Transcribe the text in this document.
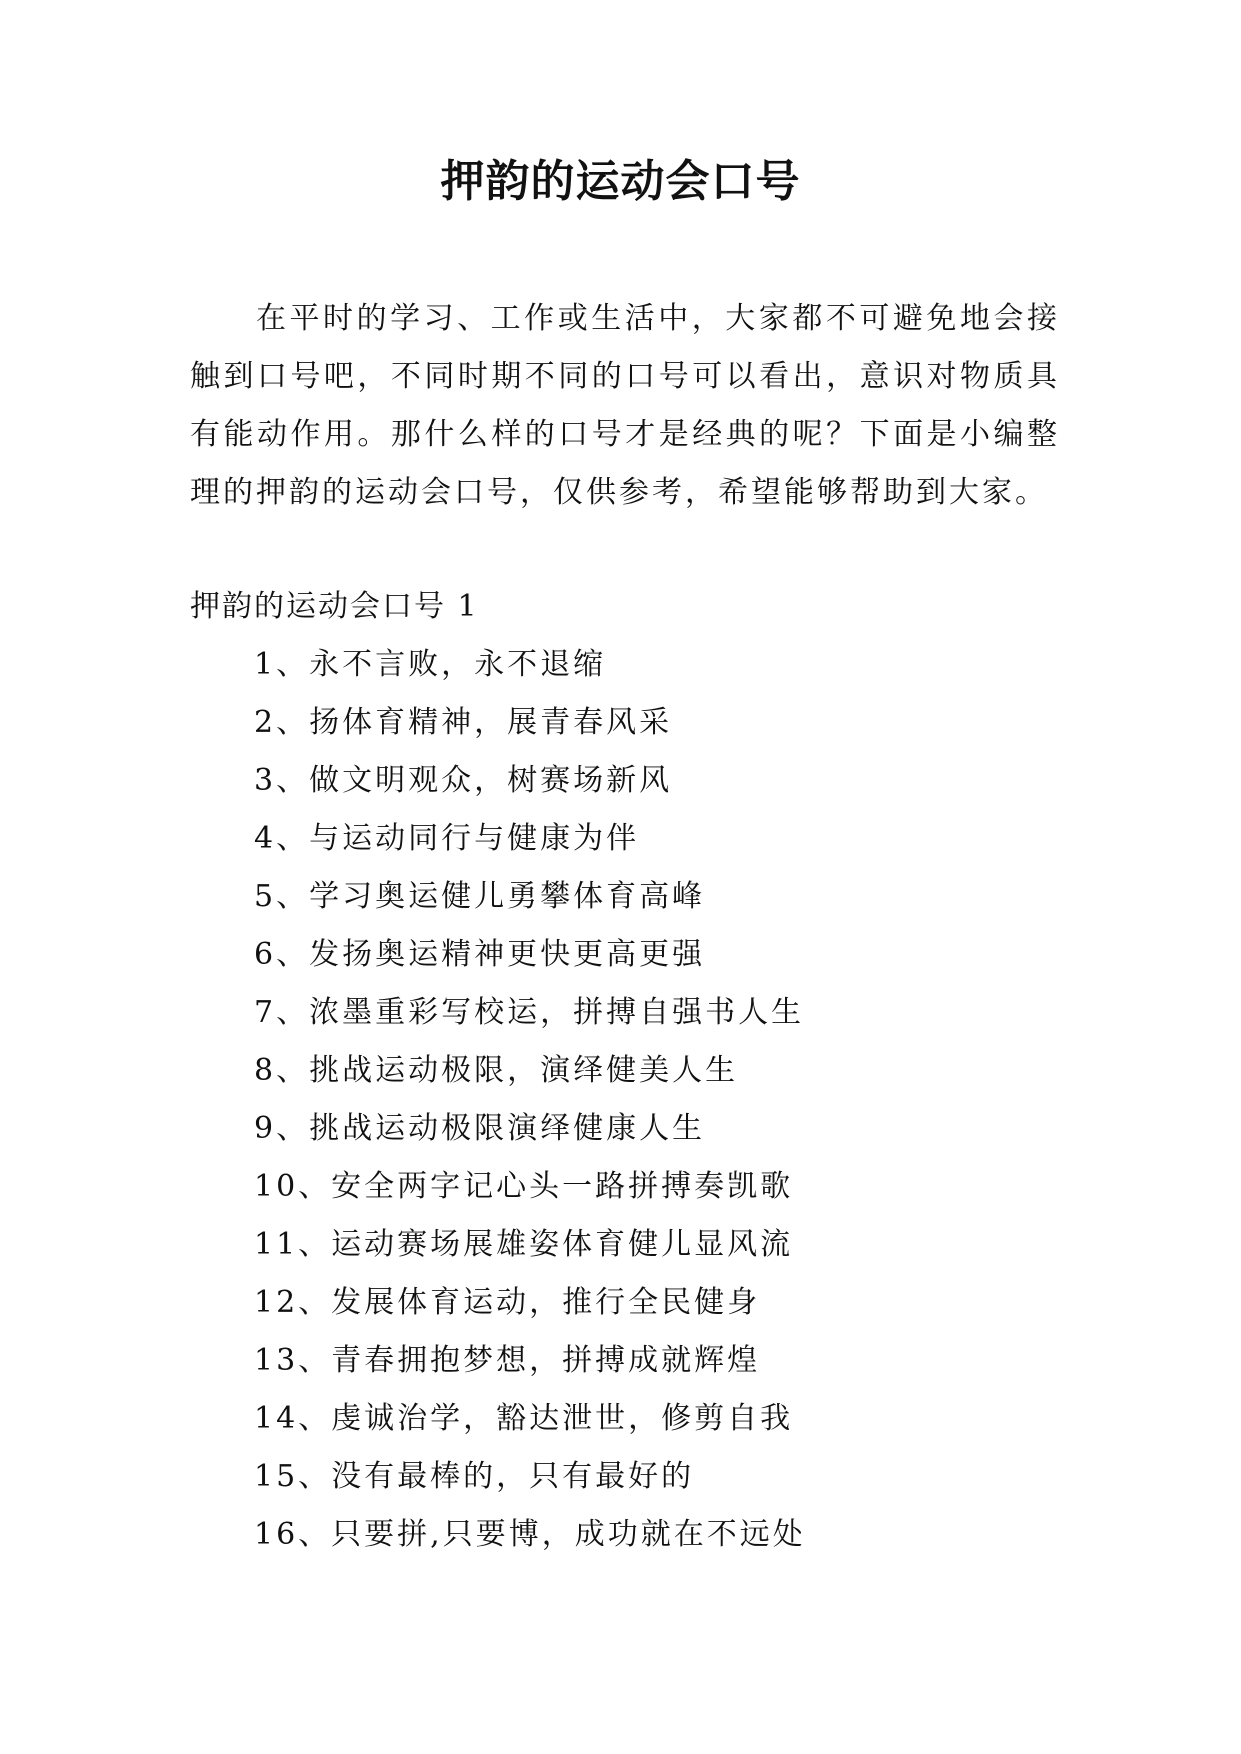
押韵的运动会口号

在平时的学习、工作或生活中，大家都不可避免地会接触到口号吧，不同时期不同的口号可以看出，意识对物质具有能动作用。那什么样的口号才是经典的呢？下面是小编整理的押韵的运动会口号，仅供参考，希望能够帮助到大家。

押韵的运动会口号 1
1、永不言败，永不退缩
2、扬体育精神，展青春风采
3、做文明观众，树赛场新风
4、与运动同行与健康为伴
5、学习奥运健儿勇攀体育高峰
6、发扬奥运精神更快更高更强
7、浓墨重彩写校运，拼搏自强书人生
8、挑战运动极限，演绎健美人生
9、挑战运动极限演绎健康人生
10、安全两字记心头一路拼搏奏凯歌
11、运动赛场展雄姿体育健儿显风流
12、发展体育运动，推行全民健身
13、青春拥抱梦想，拼搏成就辉煌
14、虔诚治学，豁达泄世，修剪自我
15、没有最棒的，只有最好的
16、只要拼,只要博，成功就在不远处
